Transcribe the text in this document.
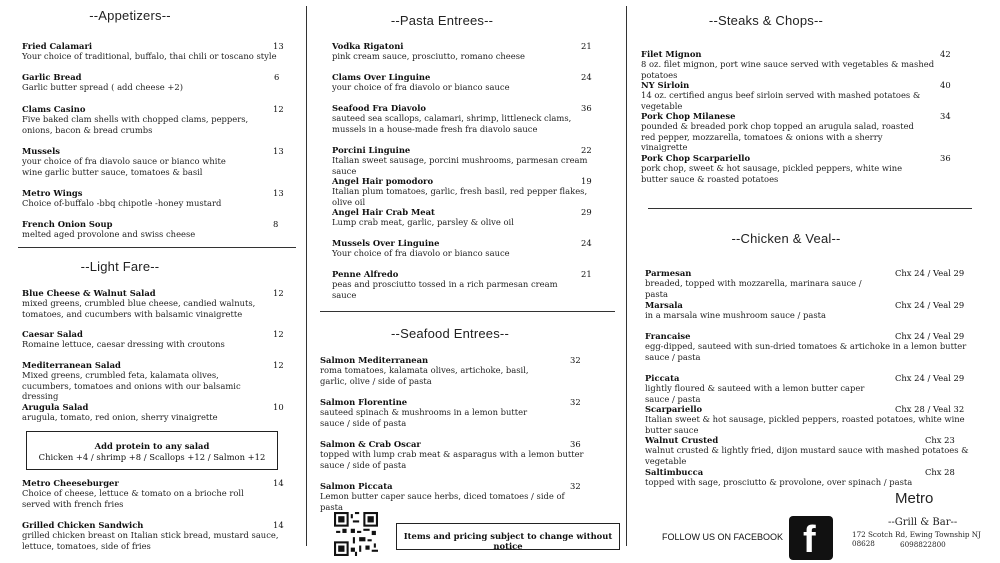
--Appetizers--
--Light Fare--
--Pasta Entrees--
--Seafood Entrees--
--Steaks & Chops--
--Chicken & Veal--
Fried Calamari
Your choice of traditional, buffalo, thai chili or toscano style
13
Garlic Bread
Garlic butter spread ( add cheese +2)
6
Clams Casino
Five baked clam shells with chopped clams, peppers, onions, bacon & bread crumbs
12
Mussels
your choice of fra diavolo sauce or bianco white wine garlic butter sauce, tomatoes & basil
13
Metro Wings
Choice of-buffalo -bbq chipotle -honey mustard
13
French Onion Soup
melted aged provolone and swiss cheese
8
Blue Cheese & Walnut Salad
mixed greens, crumbled blue cheese, candied walnuts, tomatoes, and cucumbers with balsamic vinaigrette
12
Caesar Salad
Romaine lettuce, caesar dressing with croutons
12
Mediterranean Salad
Mixed greens, crumbled feta, kalamata olives, cucumbers, tomatoes and onions with our balsamic dressing
12
Arugula Salad
arugula, tomato, red onion, sherry vinaigrette
10
Add protein to any salad
Chicken +4 / shrimp +8 / Scallops +12 / Salmon +12
Metro Cheeseburger
Choice of cheese, lettuce & tomato on a brioche roll served with french fries
14
Grilled Chicken Sandwich
grilled chicken breast on Italian stick bread, mustard sauce, lettuce, tomatoes, side of fries
14
Vodka Rigatoni
pink cream sauce, prosciutto, romano cheese
21
Clams Over Linguine
your choice of fra diavolo or bianco sauce
24
Seafood Fra Diavolo
sauteed sea scallops, calamari, shrimp, littleneck clams, mussels in a house-made fresh fra diavolo sauce
36
Porcini Linguine
Italian sweet sausage, porcini mushrooms, parmesan cream sauce
22
Angel Hair pomodoro
Italian plum tomatoes, garlic, fresh basil, red pepper flakes, olive oil
19
Angel Hair Crab Meat
Lump crab meat, garlic, parsley & olive oil
29
Mussels Over Linguine
Your choice of fra diavolo or bianco sauce
24
Penne Alfredo
peas and prosciutto tossed in a rich parmesan cream sauce
21
Salmon Mediterranean
roma tomatoes, kalamata olives, artichoke, basil, garlic, olive / side of pasta
32
Salmon Florentine
sauteed spinach & mushrooms in a lemon butter sauce / side of pasta
32
Salmon & Crab Oscar
topped with lump crab meat & asparagus with a lemon butter sauce / side of pasta
36
Salmon Piccata
Lemon butter caper sauce herbs, diced tomatoes / side of pasta
32
Items and pricing subject to change without notice
Filet Mignon
8 oz. filet mignon, port wine sauce served with vegetables & mashed potatoes
42
NY Sirloin
14 oz. certified angus beef sirloin served with mashed potatoes & vegetable
40
Pork Chop Milanese
pounded & breaded pork chop topped an arugula salad, roasted red pepper, mozzarella, tomatoes & onions with a sherry vinaigrette
34
Pork Chop Scarpariello
pork chop, sweet & hot sausage, pickled peppers, white wine butter sauce & roasted potatoes
36
Parmesan
breaded, topped with mozzarella, marinara sauce / pasta
Chx 24 / Veal 29
Marsala
in a marsala wine mushroom sauce / pasta
Chx 24 / Veal 29
Francaise
egg-dipped, sauteed with sun-dried tomatoes & artichoke in a lemon butter sauce / pasta
Chx 24 / Veal 29
Piccata
lightly floured & sauteed with a lemon butter caper sauce / pasta
Chx 24 / Veal 29
Scarpariello
Italian sweet & hot sausage, pickled peppers, roasted potatoes, white wine butter sauce
Chx 28 / Veal 32
Walnut Crusted
walnut crusted & lightly fried, dijon mustard sauce with mashed potatoes & vegetable
Chx 23
Saltimbucca
topped with sage, prosciutto & provolone, over spinach / pasta
Chx 28
FOLLOW US ON FACEBOOK f
Metro
--Grill & Bar--
172 Scotch Rd, Ewing Township NJ 08628	6098822800
